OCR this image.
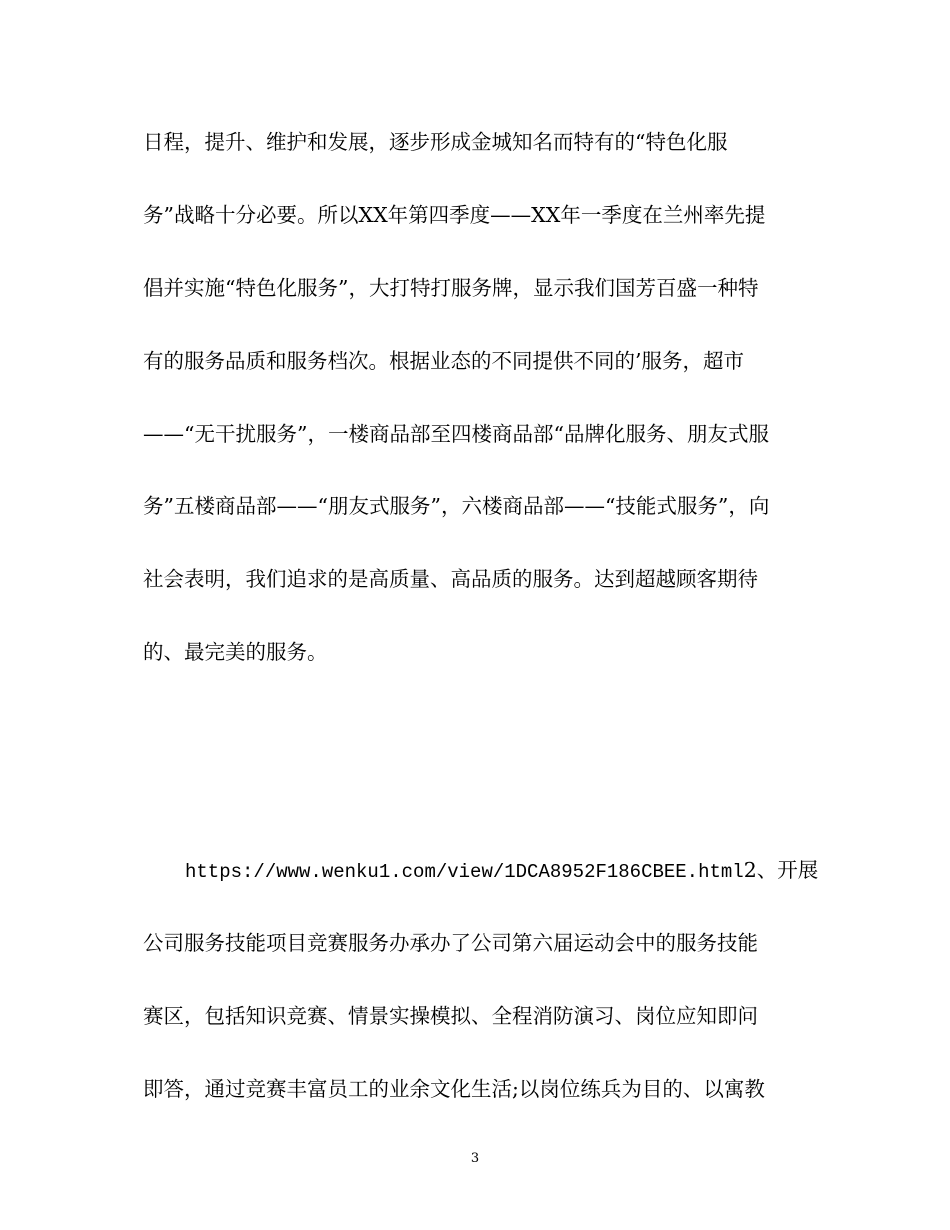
日程，提升、维护和发展，逐步形成金城知名而特有的“特色化服
务”战略十分必要。所以XX年第四季度——XX年一季度在兰州率先提
倡并实施“特色化服务”，大打特打服务牌，显示我们国芳百盛一种特
有的服务品质和服务档次。根据业态的不同提供不同的’服务，超市
——“无干扰服务”，一楼商品部至四楼商品部“品牌化服务、朋友式服
务”五楼商品部——“朋友式服务”，六楼商品部——“技能式服务”，向
社会表明，我们追求的是高质量、高品质的服务。达到超越顾客期待
的、最完美的服务。
https://www.wenku1.com/view/1DCA8952F186CBEE.html2、开展
公司服务技能项目竞赛服务办承办了公司第六届运动会中的服务技能
赛区，包括知识竞赛、情景实操模拟、全程消防演习、岗位应知即问
即答，通过竞赛丰富员工的业余文化生活;以岗位练兵为目的、以寓教
3
